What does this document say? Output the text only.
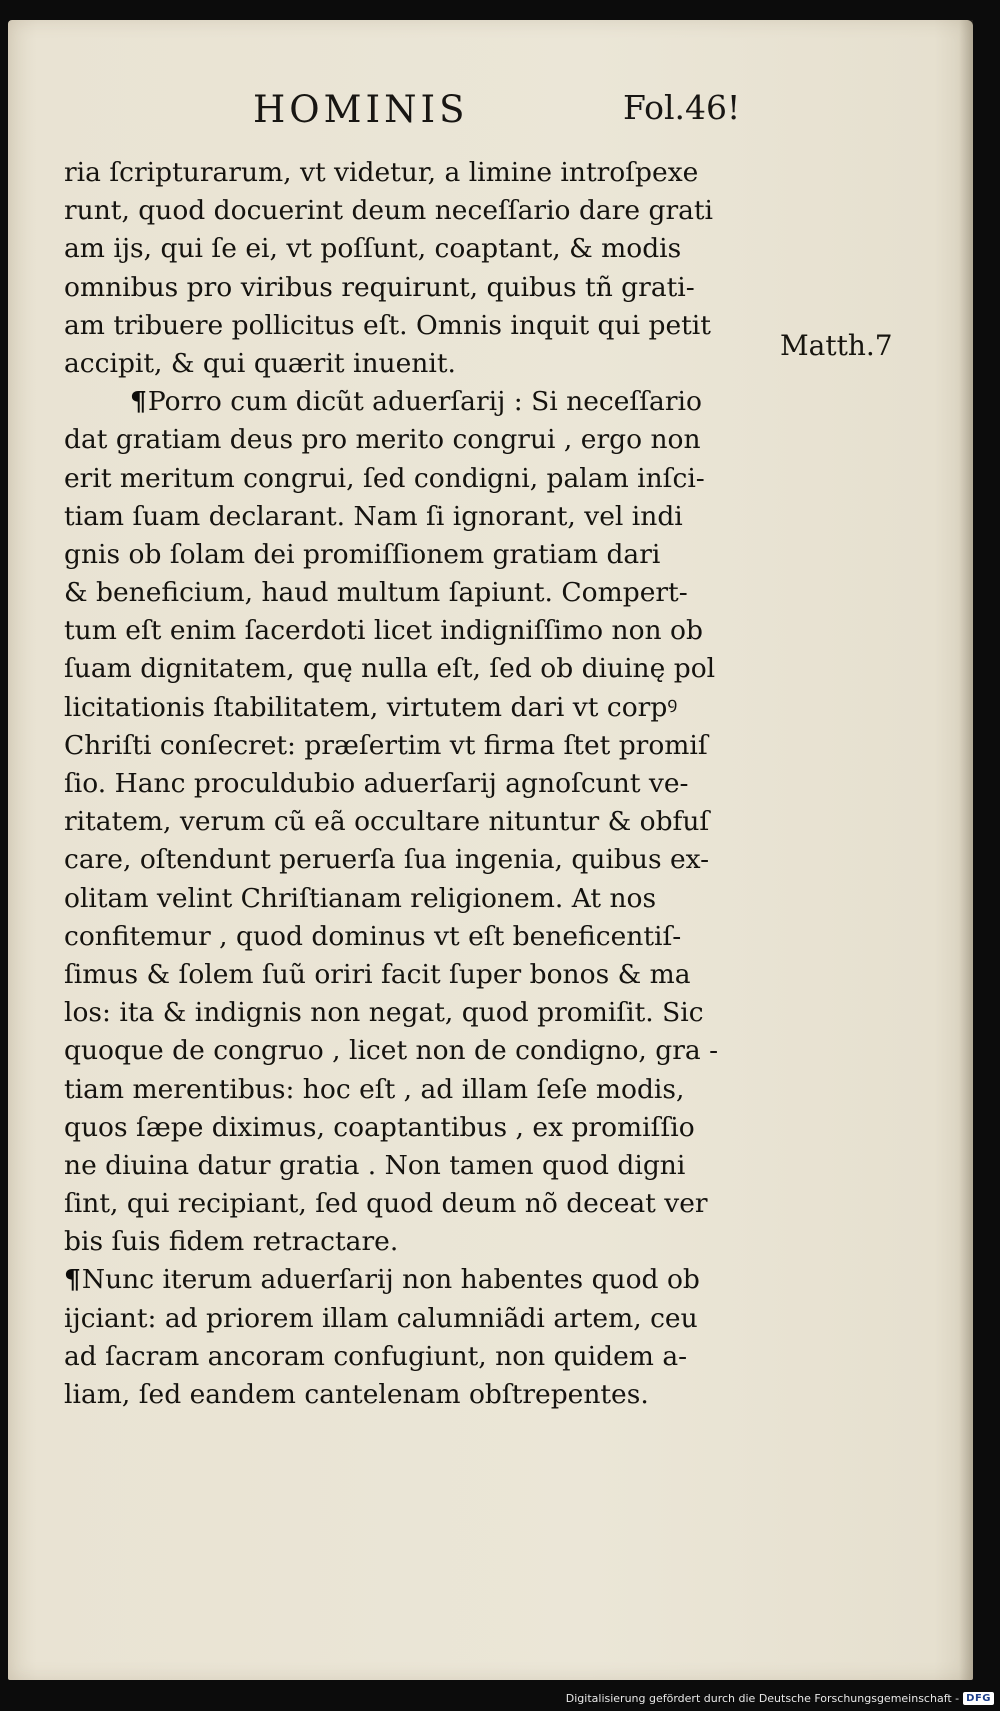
HOMINIS	Fol.46!
ria ſcripturarum, vt videtur, a limine introſpexe
runt, quod docuerint deum neceſſario dare grati
am ijs, qui ſe ei, vt poſſunt, coaptant, & modis
omnibus pro viribus requirunt, quibus tñ grati-
am tribuere pollicitus eſt. Omnis inquit qui petit
accipit, & qui quærit inuenit.
¶Porro cum dicũt aduerſarij : Si neceſſario
dat gratiam deus pro merito congrui , ergo non
erit meritum congrui, ſed condigni, palam inſci-
tiam ſuam declarant. Nam ſi ignorant, vel indi
gnis ob ſolam dei promiſſionem gratiam dari
& beneficium, haud multum ſapiunt. Compert-
tum eſt enim ſacerdoti licet indigniſſimo non ob
ſuam dignitatem, quę nulla eſt, ſed ob diuinę pol
licitationis ſtabilitatem, virtutem dari vt corpꝰ
Chriſti conſecret: præſertim vt firma ſtet promiſ
ſio. Hanc proculdubio aduerſarij agnoſcunt ve-
ritatem, verum cũ eã occultare nituntur & obfuſ
care, oſtendunt peruerſa ſua ingenia, quibus ex-
olitam velint Chriſtianam religionem. At nos
confitemur , quod dominus vt eſt beneficentiſ-
ſimus & ſolem ſuũ oriri facit ſuper bonos & ma
los: ita & indignis non negat, quod promiſit. Sic
quoque de congruo , licet non de condigno, gra -
tiam merentibus: hoc eſt , ad illam ſeſe modis,
quos ſæpe diximus, coaptantibus , ex promiſſio
ne diuina datur gratia . Non tamen quod digni
ſint, qui recipiant, ſed quod deum nõ deceat ver
bis ſuis fidem retractare.
¶Nunc iterum aduerſarij non habentes quod ob
ijciant: ad priorem illam calumniãdi artem, ceu
ad ſacram ancoram confugiunt, non quidem a-
liam, ſed eandem cantelenam obſtrepentes.
Matth.7
Digitalisierung gefördert durch die Deutsche Forschungsgemeinschaft - DFG
